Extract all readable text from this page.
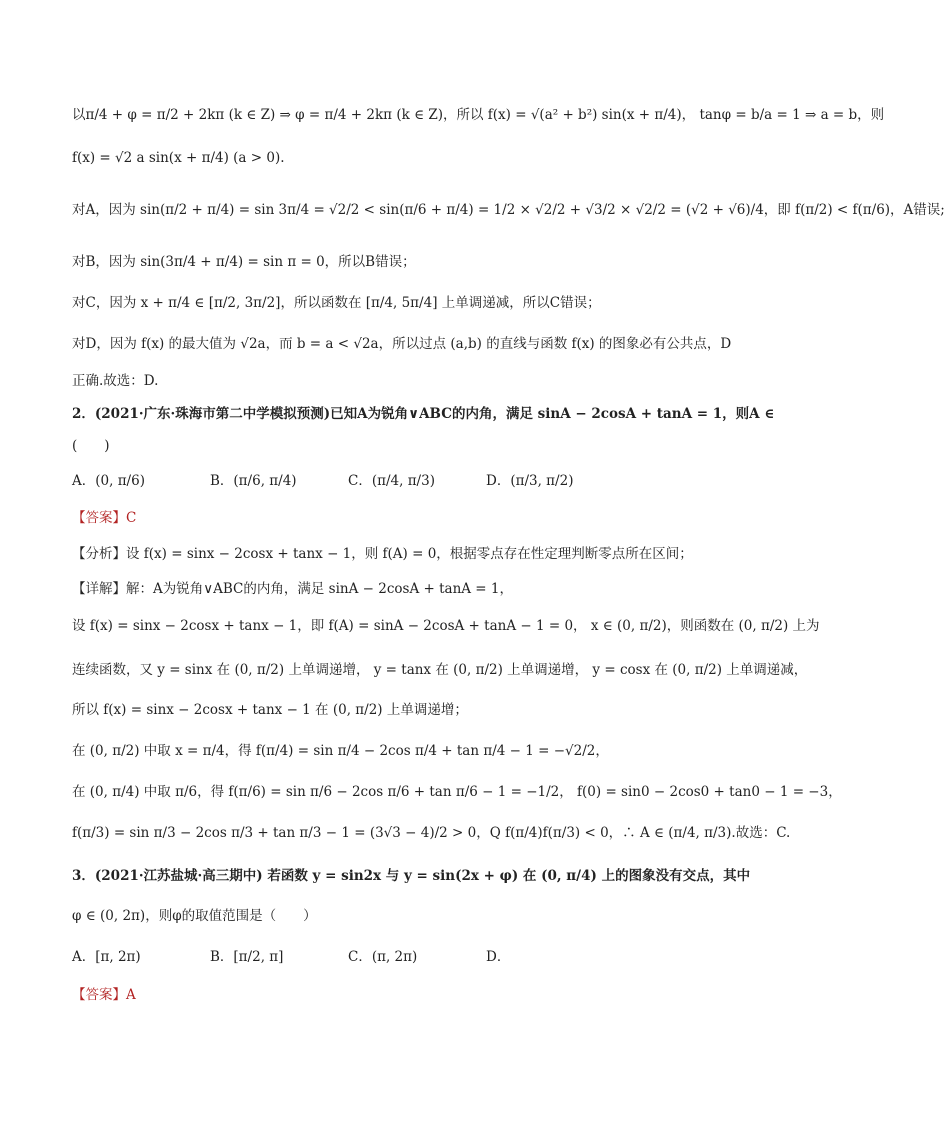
以π/4 + φ = π/2 + 2kπ (k ∈ Z) ⇒ φ = π/4 + 2kπ (k ∈ Z)，所以 f(x) = √(a² + b²) sin(x + π/4)， tanφ = b/a = 1 ⇒ a = b，则
f(x) = √2 a sin(x + π/4) (a > 0).
对A，因为 sin(π/2 + π/4) = sin 3π/4 = √2/2 < sin(π/6 + π/4) = 1/2 × √2/2 + √3/2 × √2/2 = (√2 + √6)/4，即 f(π/2) < f(π/6)，A错误;
对B，因为 sin(3π/4 + π/4) = sin π = 0，所以B错误；
对C，因为 x + π/4 ∈ [π/2, 3π/2]，所以函数在 [π/4, 5π/4] 上单调递减，所以C错误；
对D，因为 f(x) 的最大值为 √2a，而 b = a < √2a，所以过点 (a,b) 的直线与函数 f(x) 的图象必有公共点，D
正确.故选：D.
2．(2021·广东·珠海市第二中学模拟预测)已知A为锐角∨ABC的内角，满足 sinA − 2cosA + tanA = 1，则A ∈
(　　)
A．(0, π/6)	B．(π/6, π/4)	C．(π/4, π/3)	D．(π/3, π/2)
【答案】C
【分析】设 f(x) = sinx − 2cosx + tanx − 1，则 f(A) = 0，根据零点存在性定理判断零点所在区间；
【详解】解：A为锐角∨ABC的内角，满足 sinA − 2cosA + tanA = 1，
设 f(x) = sinx − 2cosx + tanx − 1，即 f(A) = sinA − 2cosA + tanA − 1 = 0， x ∈ (0, π/2)，则函数在 (0, π/2) 上为
连续函数，又 y = sinx 在 (0, π/2) 上单调递增， y = tanx 在 (0, π/2) 上单调递增， y = cosx 在 (0, π/2) 上单调递减，
所以 f(x) = sinx − 2cosx + tanx − 1 在 (0, π/2) 上单调递增；
在 (0, π/2) 中取 x = π/4，得 f(π/4) = sin π/4 − 2cos π/4 + tan π/4 − 1 = −√2/2，
在 (0, π/4) 中取 π/6，得 f(π/6) = sin π/6 − 2cos π/6 + tan π/6 − 1 = −1/2， f(0) = sin0 − 2cos0 + tan0 − 1 = −3，
f(π/3) = sin π/3 − 2cos π/3 + tan π/3 − 1 = (3√3 − 4)/2 > 0，Q f(π/4)f(π/3) < 0，∴ A ∈ (π/4, π/3).故选：C.
3．(2021·江苏盐城·高三期中) 若函数 y = sin2x 与 y = sin(2x + φ) 在 (0, π/4) 上的图象没有交点，其中
φ ∈ (0, 2π)，则φ的取值范围是（　　）
A．[π, 2π)	B．[π/2, π]	C．(π, 2π)	D．
【答案】A
